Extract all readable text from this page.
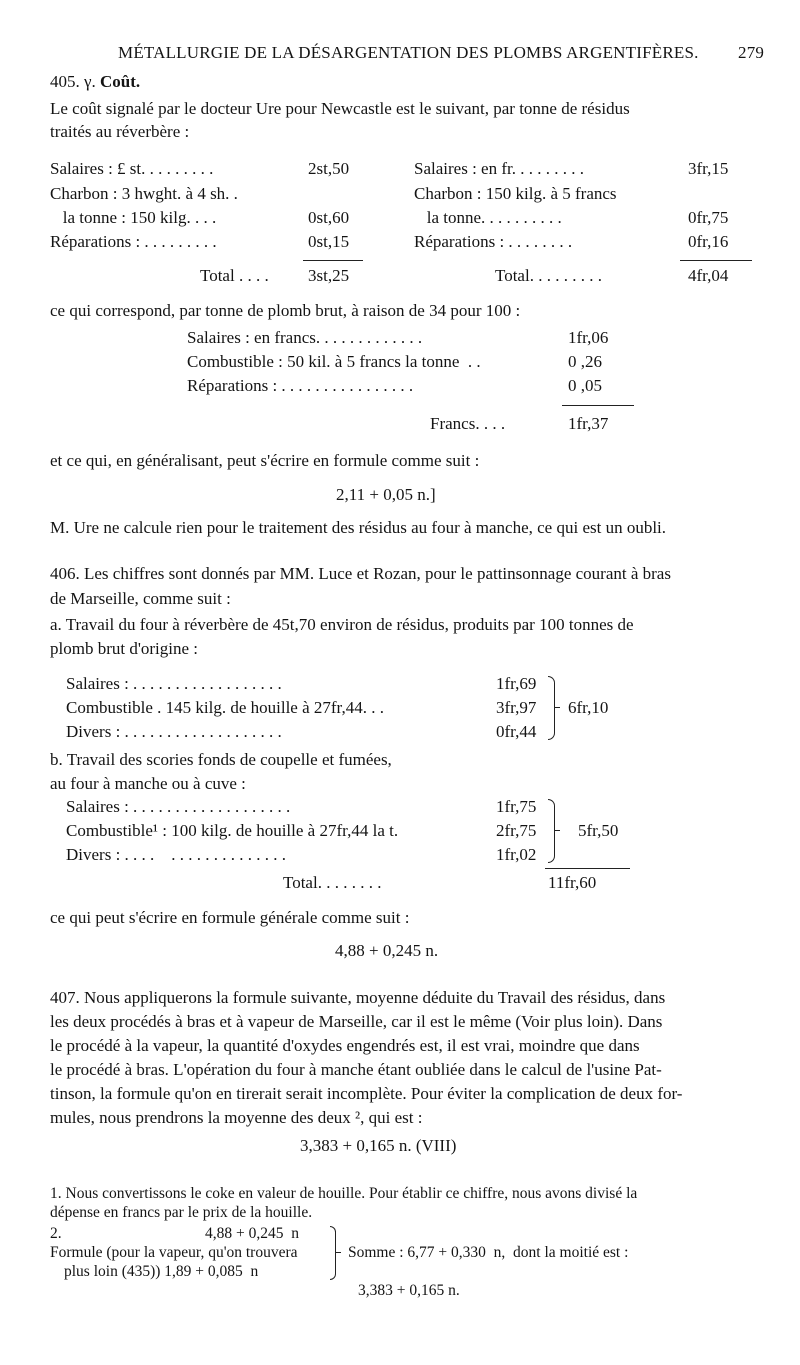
MÉTALLURGIE DE LA DÉSARGENTATION DES PLOMBS ARGENTIFÈRES. 279
405. γ. Coût.
Le coût signalé par le docteur Ure pour Newcastle est le suivant, par tonne de résidus
traités au réverbère :
Salaires : £ st. . . . . . . . .	2st,50
Charbon : 3 hwght. à 4 sh. .
la tonne : 150 kilg. . . .	0st,60
Réparations : . . . . . . . . .	0st,15
Total . . . . 3st,25
Salaires : en fr. . . . . . . . .	3fr,15
Charbon : 150 kilg. à 5 francs
la tonne. . . . . . . . . .	0fr,75
Réparations : . . . . . . . .	0fr,16
Total. . . . . . . . .	4fr,04
ce qui correspond, par tonne de plomb brut, à raison de 34 pour 100 :
Salaires : en francs. . . . . . . . . . . . .	1fr,06
Combustible : 50 kil. à 5 francs la tonne  . .	0 ,26
Réparations : . . . . . . . . . . . . . . . .	0 ,05
Francs. . . .	1fr,37
et ce qui, en généralisant, peut s'écrire en formule comme suit :
2,11 + 0,05 n.]
M. Ure ne calcule rien pour le traitement des résidus au four à manche, ce qui est un oubli.
406. Les chiffres sont donnés par MM. Luce et Rozan, pour le pattinsonnage courant à bras
de Marseille, comme suit :
a. Travail du four à réverbère de 45t,70 environ de résidus, produits par 100 tonnes de
plomb brut d'origine :
Salaires : . . . . . . . . . . . . . . . . . .	1fr,69
Combustible . 145 kilg. de houille à 27fr,44. . .	3fr,97
Divers : . . . . . . . . . . . . . . . . . . .	0fr,44
6fr,10
b. Travail des scories fonds de coupelle et fumées,
au four à manche ou à cuve :
Salaires : . . . . . . . . . . . . . . . . . . .	1fr,75
Combustible¹ : 100 kilg. de houille à 27fr,44 la t.	2fr,75
Divers : . . . .    . . . . . . . . . . . . . .	1fr,02
5fr,50
Total. . . . . . . .	11fr,60
ce qui peut s'écrire en formule générale comme suit :
4,88 + 0,245 n.
407. Nous appliquerons la formule suivante, moyenne déduite du Travail des résidus, dans
les deux procédés à bras et à vapeur de Marseille, car il est le même (Voir plus loin). Dans
le procédé à la vapeur, la quantité d'oxydes engendrés est, il est vrai, moindre que dans
le procédé à bras. L'opération du four à manche étant oubliée dans le calcul de l'usine Pat-
tinson, la formule qu'on en tirerait serait incomplète. Pour éviter la complication de deux for-
mules, nous prendrons la moyenne des deux ², qui est :
3,383 + 0,165 n. (VIII)
1. Nous convertissons le coke en valeur de houille. Pour établir ce chiffre, nous avons divisé la
dépense en francs par le prix de la houille.
2.	4,88 + 0,245  n
Formule (pour la vapeur, qu'on trouvera
plus loin (435)) 1,89 + 0,085  n
Somme : 6,77 + 0,330  n,  dont la moitié est :
3,383 + 0,165 n.
